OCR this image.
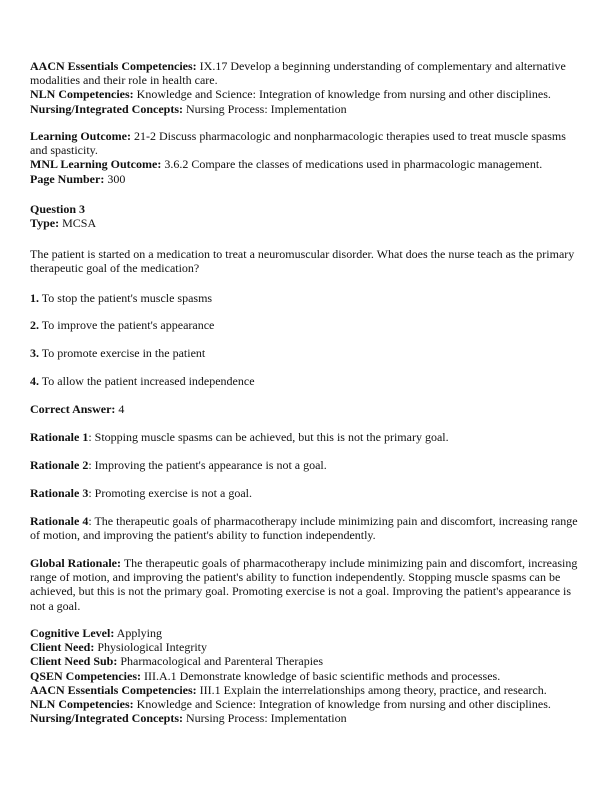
AACN Essentials Competencies: IX.17 Develop a beginning understanding of complementary and alternative modalities and their role in health care.
NLN Competencies: Knowledge and Science: Integration of knowledge from nursing and other disciplines.
Nursing/Integrated Concepts: Nursing Process: Implementation
Learning Outcome: 21-2 Discuss pharmacologic and nonpharmacologic therapies used to treat muscle spasms and spasticity.
MNL Learning Outcome: 3.6.2 Compare the classes of medications used in pharmacologic management.
Page Number: 300
Question 3
Type: MCSA
The patient is started on a medication to treat a neuromuscular disorder. What does the nurse teach as the primary therapeutic goal of the medication?
1. To stop the patient's muscle spasms
2. To improve the patient's appearance
3. To promote exercise in the patient
4. To allow the patient increased independence
Correct Answer: 4
Rationale 1: Stopping muscle spasms can be achieved, but this is not the primary goal.
Rationale 2: Improving the patient's appearance is not a goal.
Rationale 3: Promoting exercise is not a goal.
Rationale 4: The therapeutic goals of pharmacotherapy include minimizing pain and discomfort, increasing range of motion, and improving the patient's ability to function independently.
Global Rationale: The therapeutic goals of pharmacotherapy include minimizing pain and discomfort, increasing range of motion, and improving the patient's ability to function independently. Stopping muscle spasms can be achieved, but this is not the primary goal. Promoting exercise is not a goal. Improving the patient's appearance is not a goal.
Cognitive Level: Applying
Client Need: Physiological Integrity
Client Need Sub: Pharmacological and Parenteral Therapies
QSEN Competencies: III.A.1 Demonstrate knowledge of basic scientific methods and processes.
AACN Essentials Competencies: III.1 Explain the interrelationships among theory, practice, and research.
NLN Competencies: Knowledge and Science: Integration of knowledge from nursing and other disciplines.
Nursing/Integrated Concepts: Nursing Process: Implementation
